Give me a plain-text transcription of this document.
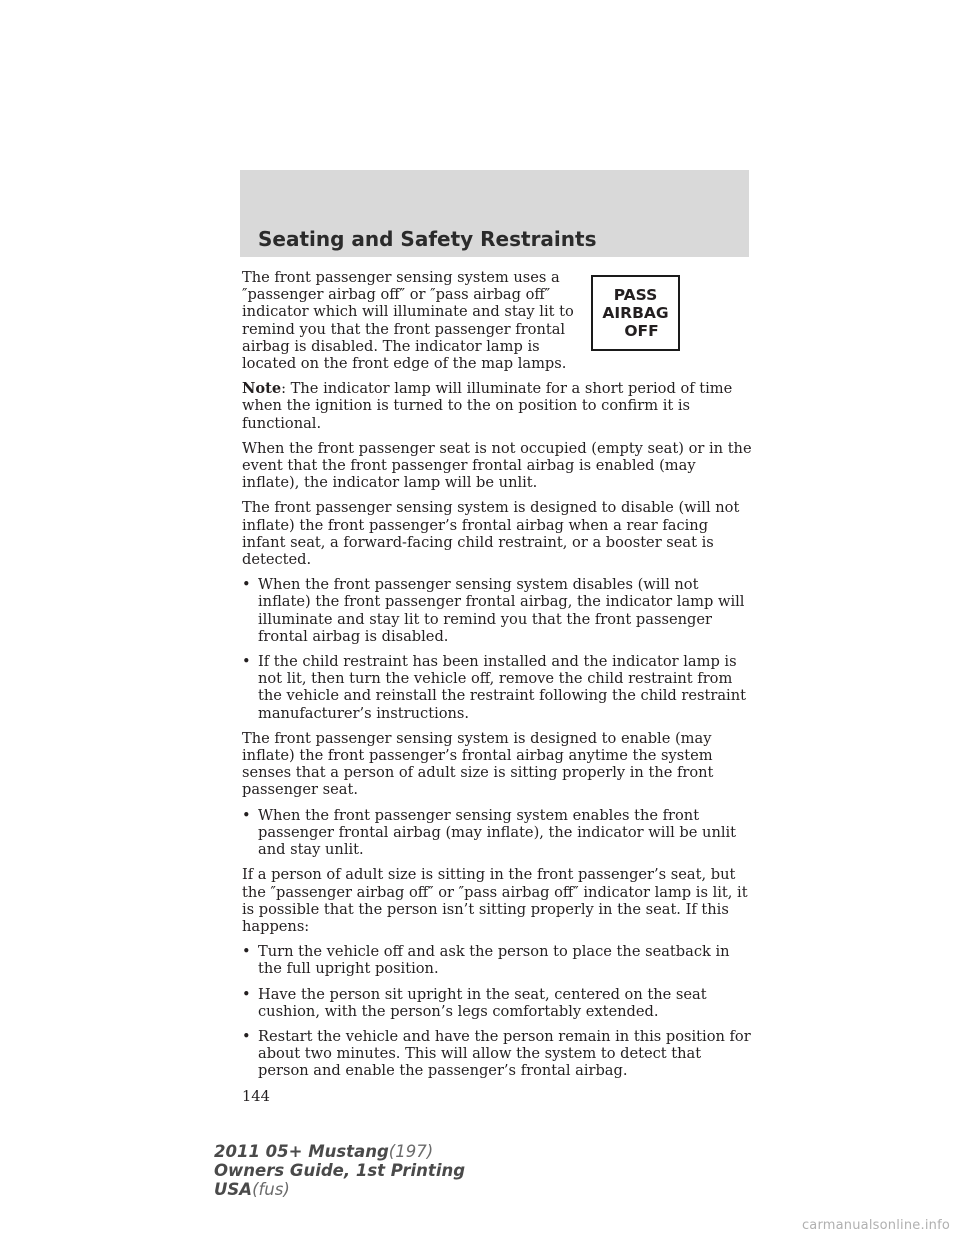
Seating and Safety Restraints
PASS
AIRBAG
OFF

The front passenger sensing system uses a ″passenger airbag off″ or ″pass airbag off″ indicator which will illuminate and stay lit to remind you that the front passenger frontal airbag is disabled. The indicator lamp is located on the front edge of the map lamps.

Note: The indicator lamp will illuminate for a short period of time when the ignition is turned to the on position to confirm it is functional.

When the front passenger seat is not occupied (empty seat) or in the event that the front passenger frontal airbag is enabled (may inflate), the indicator lamp will be unlit.

The front passenger sensing system is designed to disable (will not inflate) the front passenger’s frontal airbag when a rear facing infant seat, a forward-facing child restraint, or a booster seat is detected.

• When the front passenger sensing system disables (will not inflate) the front passenger frontal airbag, the indicator lamp will illuminate and stay lit to remind you that the front passenger frontal airbag is disabled.
• If the child restraint has been installed and the indicator lamp is not lit, then turn the vehicle off, remove the child restraint from the vehicle and reinstall the restraint following the child restraint manufacturer’s instructions.

The front passenger sensing system is designed to enable (may inflate) the front passenger’s frontal airbag anytime the system senses that a person of adult size is sitting properly in the front passenger seat.

• When the front passenger sensing system enables the front passenger frontal airbag (may inflate), the indicator will be unlit and stay unlit.

If a person of adult size is sitting in the front passenger’s seat, but the ″passenger airbag off″ or ″pass airbag off″ indicator lamp is lit, it is possible that the person isn’t sitting properly in the seat. If this happens:

• Turn the vehicle off and ask the person to place the seatback in the full upright position.
• Have the person sit upright in the seat, centered on the seat cushion, with the person’s legs comfortably extended.
• Restart the vehicle and have the person remain in this position for about two minutes. This will allow the system to detect that person and enable the passenger’s frontal airbag.
144
2011 05+ Mustang(197)
Owners Guide, 1st Printing
USA(fus)
carmanualsonline.info
